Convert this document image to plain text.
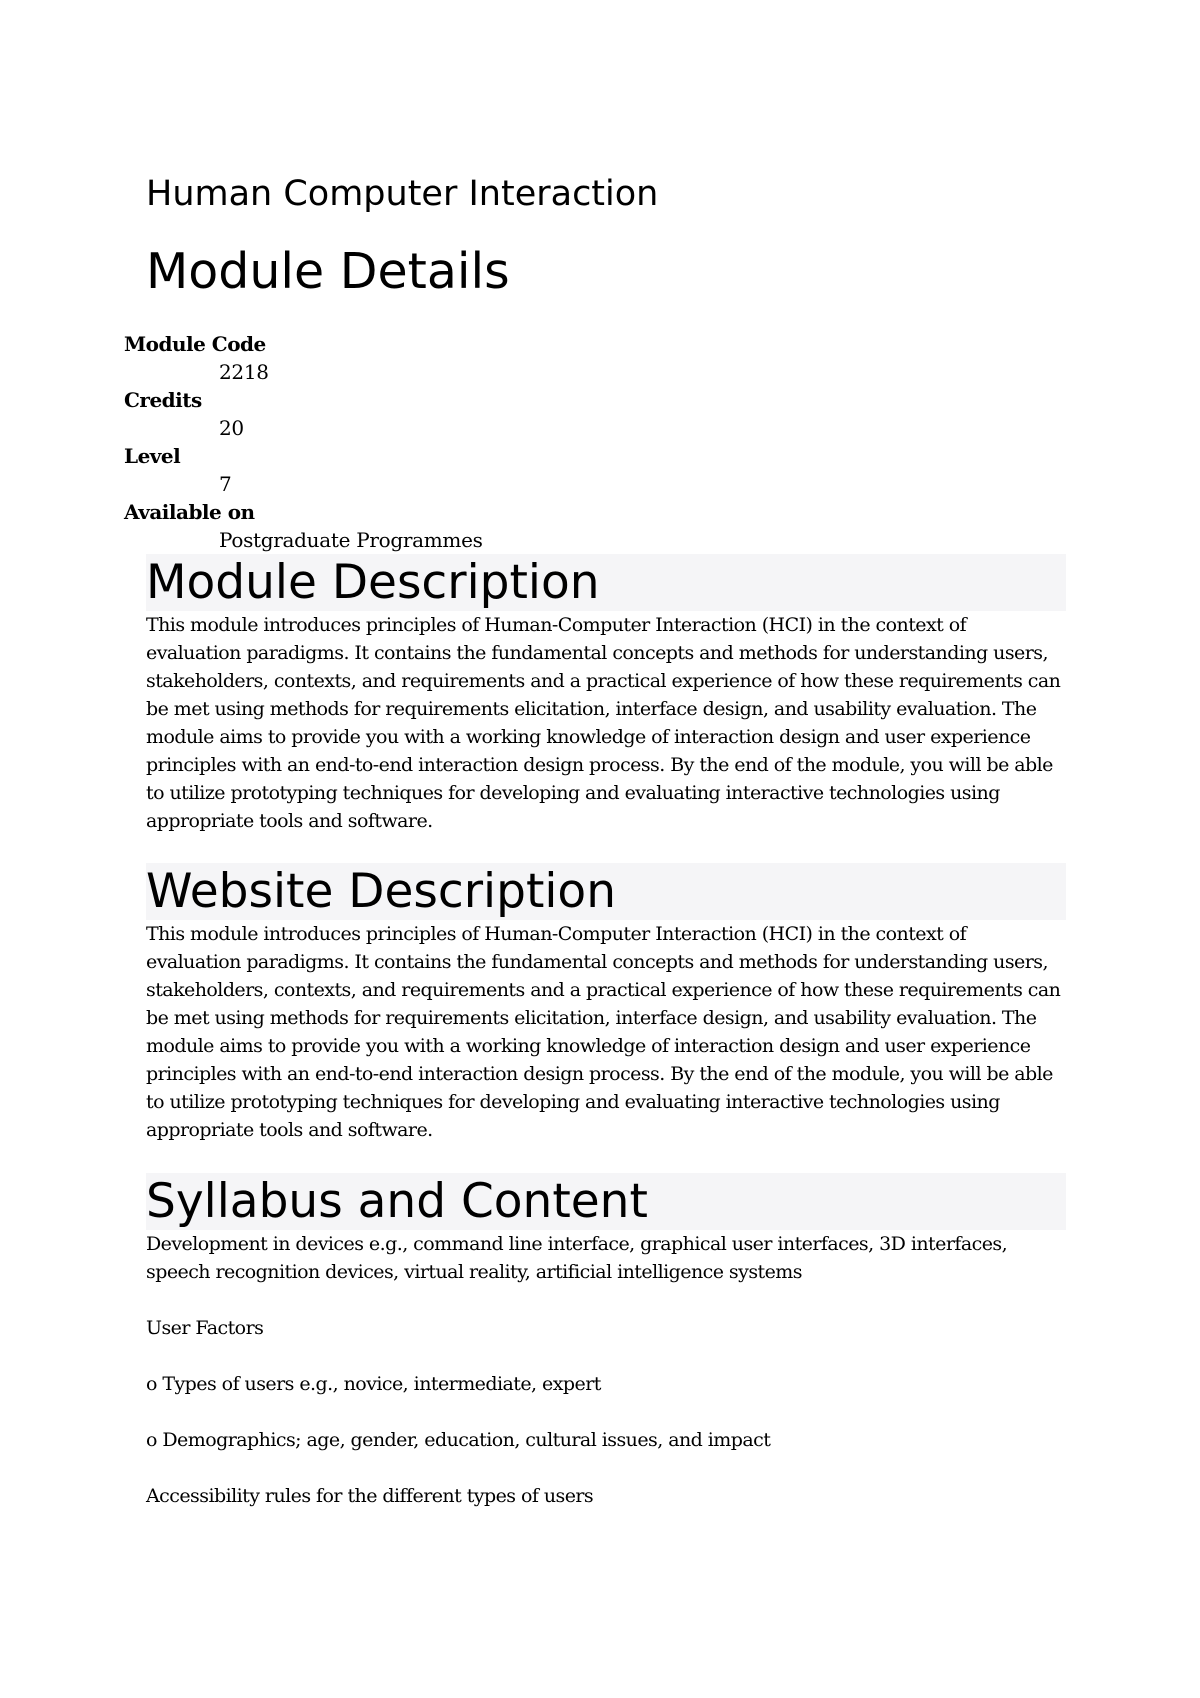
Human Computer Interaction
Module Details
Module Code
2218
Credits
20
Level
7
Available on
Postgraduate Programmes
Module Description

This module introduces principles of Human-Computer Interaction (HCI) in the context of evaluation paradigms. It contains the fundamental concepts and methods for understanding users, stakeholders, contexts, and requirements and a practical experience of how these requirements can be met using methods for requirements elicitation, interface design, and usability evaluation. The module aims to provide you with a working knowledge of interaction design and user experience principles with an end-to-end interaction design process. By the end of the module, you will be able to utilize prototyping techniques for developing and evaluating interactive technologies using appropriate tools and software.

Website Description

This module introduces principles of Human-Computer Interaction (HCI) in the context of evaluation paradigms. It contains the fundamental concepts and methods for understanding users, stakeholders, contexts, and requirements and a practical experience of how these requirements can be met using methods for requirements elicitation, interface design, and usability evaluation. The module aims to provide you with a working knowledge of interaction design and user experience principles with an end-to-end interaction design process. By the end of the module, you will be able to utilize prototyping techniques for developing and evaluating interactive technologies using appropriate tools and software.

Syllabus and Content

Development in devices e.g., command line interface, graphical user interfaces, 3D interfaces, speech recognition devices, virtual reality, artificial intelligence systems

User Factors

o Types of users e.g., novice, intermediate, expert

o Demographics; age, gender, education, cultural issues, and impact

Accessibility rules for the different types of users
